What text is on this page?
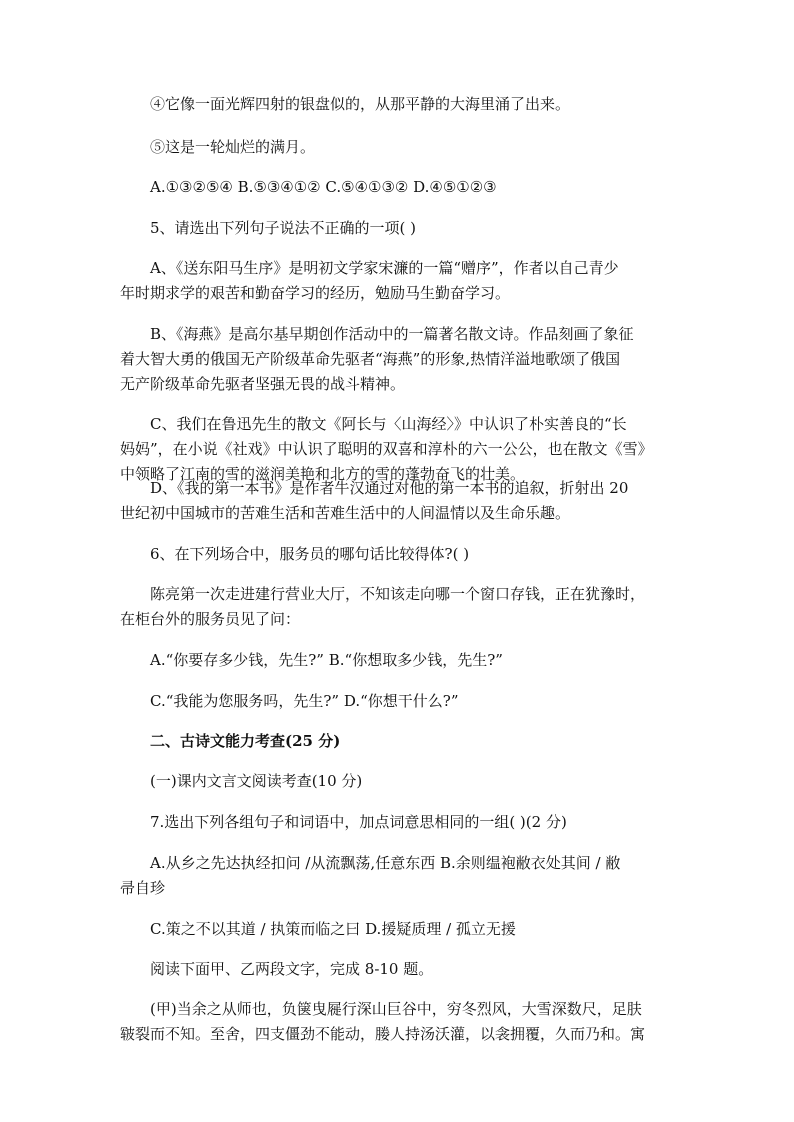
④它像一面光辉四射的银盘似的，从那平静的大海里涌了出来。
⑤这是一轮灿烂的满月。
A.①③②⑤④ B.⑤③④①② C.⑤④①③② D.④⑤①②③
5、请选出下列句子说法不正确的一项( )
A、《送东阳马生序》是明初文学家宋濂的一篇“赠序”，作者以自己青少
年时期求学的艰苦和勤奋学习的经历，勉励马生勤奋学习。
B、《海燕》是高尔基早期创作活动中的一篇著名散文诗。作品刻画了象征
着大智大勇的俄国无产阶级革命先驱者“海燕”的形象,热情洋溢地歌颂了俄国
无产阶级革命先驱者坚强无畏的战斗精神。
C、我们在鲁迅先生的散文《阿长与〈山海经〉》中认识了朴实善良的“长
妈妈”，在小说《社戏》中认识了聪明的双喜和淳朴的六一公公，也在散文《雪》
中领略了江南的雪的滋润美艳和北方的雪的蓬勃奋飞的壮美。
D、《我的第一本书》是作者牛汉通过对他的第一本书的追叙，折射出 20
世纪初中国城市的苦难生活和苦难生活中的人间温情以及生命乐趣。
6、在下列场合中，服务员的哪句话比较得体?( )
陈亮第一次走进建行营业大厅，不知该走向哪一个窗口存钱，正在犹豫时，
在柜台外的服务员见了问：
A.“你要存多少钱，先生?” B.“你想取多少钱，先生?”
C.“我能为您服务吗，先生?” D.“你想干什么?”
二、古诗文能力考查(25 分)
(一)课内文言文阅读考查(10 分)
7.选出下列各组句子和词语中，加点词意思相同的一组( )(2 分)
A.从乡之先达执经扣问 /从流飘荡,任意东西 B.余则缊袍敝衣处其间 / 敝
帚自珍
C.策之不以其道 / 执策而临之曰 D.援疑质理 / 孤立无援
阅读下面甲、乙两段文字，完成 8-10 题。
(甲)当余之从师也，负箧曳屣行深山巨谷中，穷冬烈风，大雪深数尺，足肤
皲裂而不知。至舍，四支僵劲不能动，媵人持汤沃灌，以衾拥覆，久而乃和。寓
